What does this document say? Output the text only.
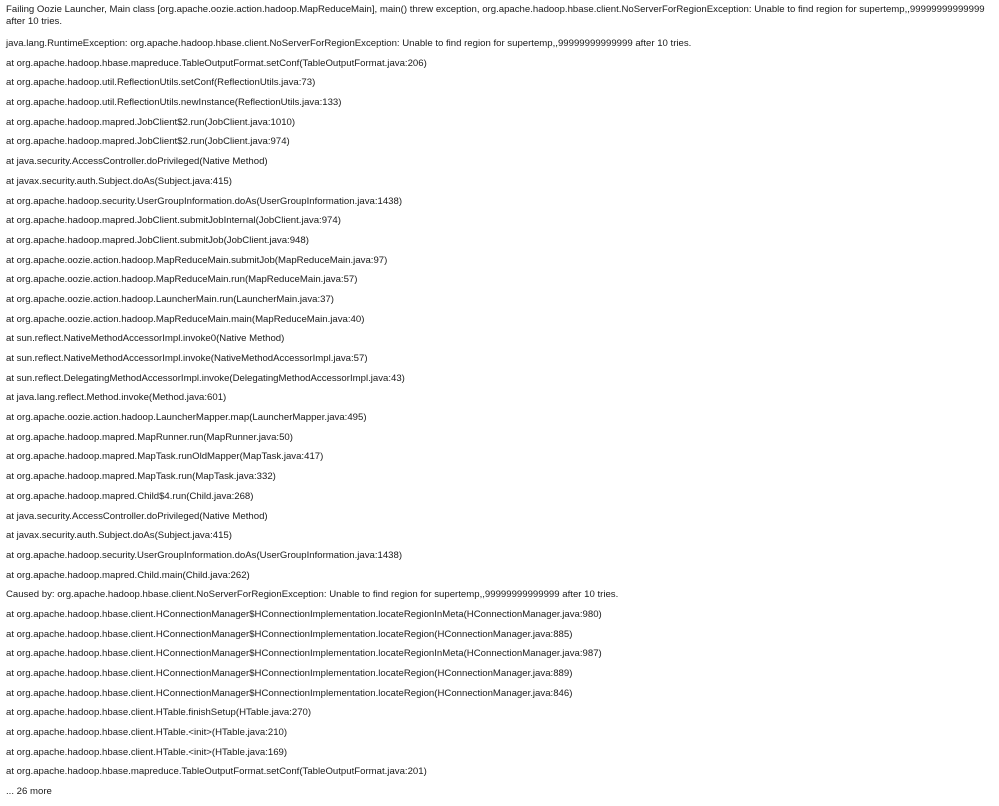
Failing Oozie Launcher, Main class [org.apache.oozie.action.hadoop.MapReduceMain], main() threw exception, org.apache.hadoop.hbase.client.NoServerForRegionException: Unable to find region for supertemp,,99999999999999 after 10 tries.
java.lang.RuntimeException: org.apache.hadoop.hbase.client.NoServerForRegionException: Unable to find region for supertemp,,99999999999999 after 10 tries.
at org.apache.hadoop.hbase.mapreduce.TableOutputFormat.setConf(TableOutputFormat.java:206)
at org.apache.hadoop.util.ReflectionUtils.setConf(ReflectionUtils.java:73)
at org.apache.hadoop.util.ReflectionUtils.newInstance(ReflectionUtils.java:133)
at org.apache.hadoop.mapred.JobClient$2.run(JobClient.java:1010)
at org.apache.hadoop.mapred.JobClient$2.run(JobClient.java:974)
at java.security.AccessController.doPrivileged(Native Method)
at javax.security.auth.Subject.doAs(Subject.java:415)
at org.apache.hadoop.security.UserGroupInformation.doAs(UserGroupInformation.java:1438)
at org.apache.hadoop.mapred.JobClient.submitJobInternal(JobClient.java:974)
at org.apache.hadoop.mapred.JobClient.submitJob(JobClient.java:948)
at org.apache.oozie.action.hadoop.MapReduceMain.submitJob(MapReduceMain.java:97)
at org.apache.oozie.action.hadoop.MapReduceMain.run(MapReduceMain.java:57)
at org.apache.oozie.action.hadoop.LauncherMain.run(LauncherMain.java:37)
at org.apache.oozie.action.hadoop.MapReduceMain.main(MapReduceMain.java:40)
at sun.reflect.NativeMethodAccessorImpl.invoke0(Native Method)
at sun.reflect.NativeMethodAccessorImpl.invoke(NativeMethodAccessorImpl.java:57)
at sun.reflect.DelegatingMethodAccessorImpl.invoke(DelegatingMethodAccessorImpl.java:43)
at java.lang.reflect.Method.invoke(Method.java:601)
at org.apache.oozie.action.hadoop.LauncherMapper.map(LauncherMapper.java:495)
at org.apache.hadoop.mapred.MapRunner.run(MapRunner.java:50)
at org.apache.hadoop.mapred.MapTask.runOldMapper(MapTask.java:417)
at org.apache.hadoop.mapred.MapTask.run(MapTask.java:332)
at org.apache.hadoop.mapred.Child$4.run(Child.java:268)
at java.security.AccessController.doPrivileged(Native Method)
at javax.security.auth.Subject.doAs(Subject.java:415)
at org.apache.hadoop.security.UserGroupInformation.doAs(UserGroupInformation.java:1438)
at org.apache.hadoop.mapred.Child.main(Child.java:262)
Caused by: org.apache.hadoop.hbase.client.NoServerForRegionException: Unable to find region for supertemp,,99999999999999 after 10 tries.
at org.apache.hadoop.hbase.client.HConnectionManager$HConnectionImplementation.locateRegionInMeta(HConnectionManager.java:980)
at org.apache.hadoop.hbase.client.HConnectionManager$HConnectionImplementation.locateRegion(HConnectionManager.java:885)
at org.apache.hadoop.hbase.client.HConnectionManager$HConnectionImplementation.locateRegionInMeta(HConnectionManager.java:987)
at org.apache.hadoop.hbase.client.HConnectionManager$HConnectionImplementation.locateRegion(HConnectionManager.java:889)
at org.apache.hadoop.hbase.client.HConnectionManager$HConnectionImplementation.locateRegion(HConnectionManager.java:846)
at org.apache.hadoop.hbase.client.HTable.finishSetup(HTable.java:270)
at org.apache.hadoop.hbase.client.HTable.<init>(HTable.java:210)
at org.apache.hadoop.hbase.client.HTable.<init>(HTable.java:169)
at org.apache.hadoop.hbase.mapreduce.TableOutputFormat.setConf(TableOutputFormat.java:201)
... 26 more
